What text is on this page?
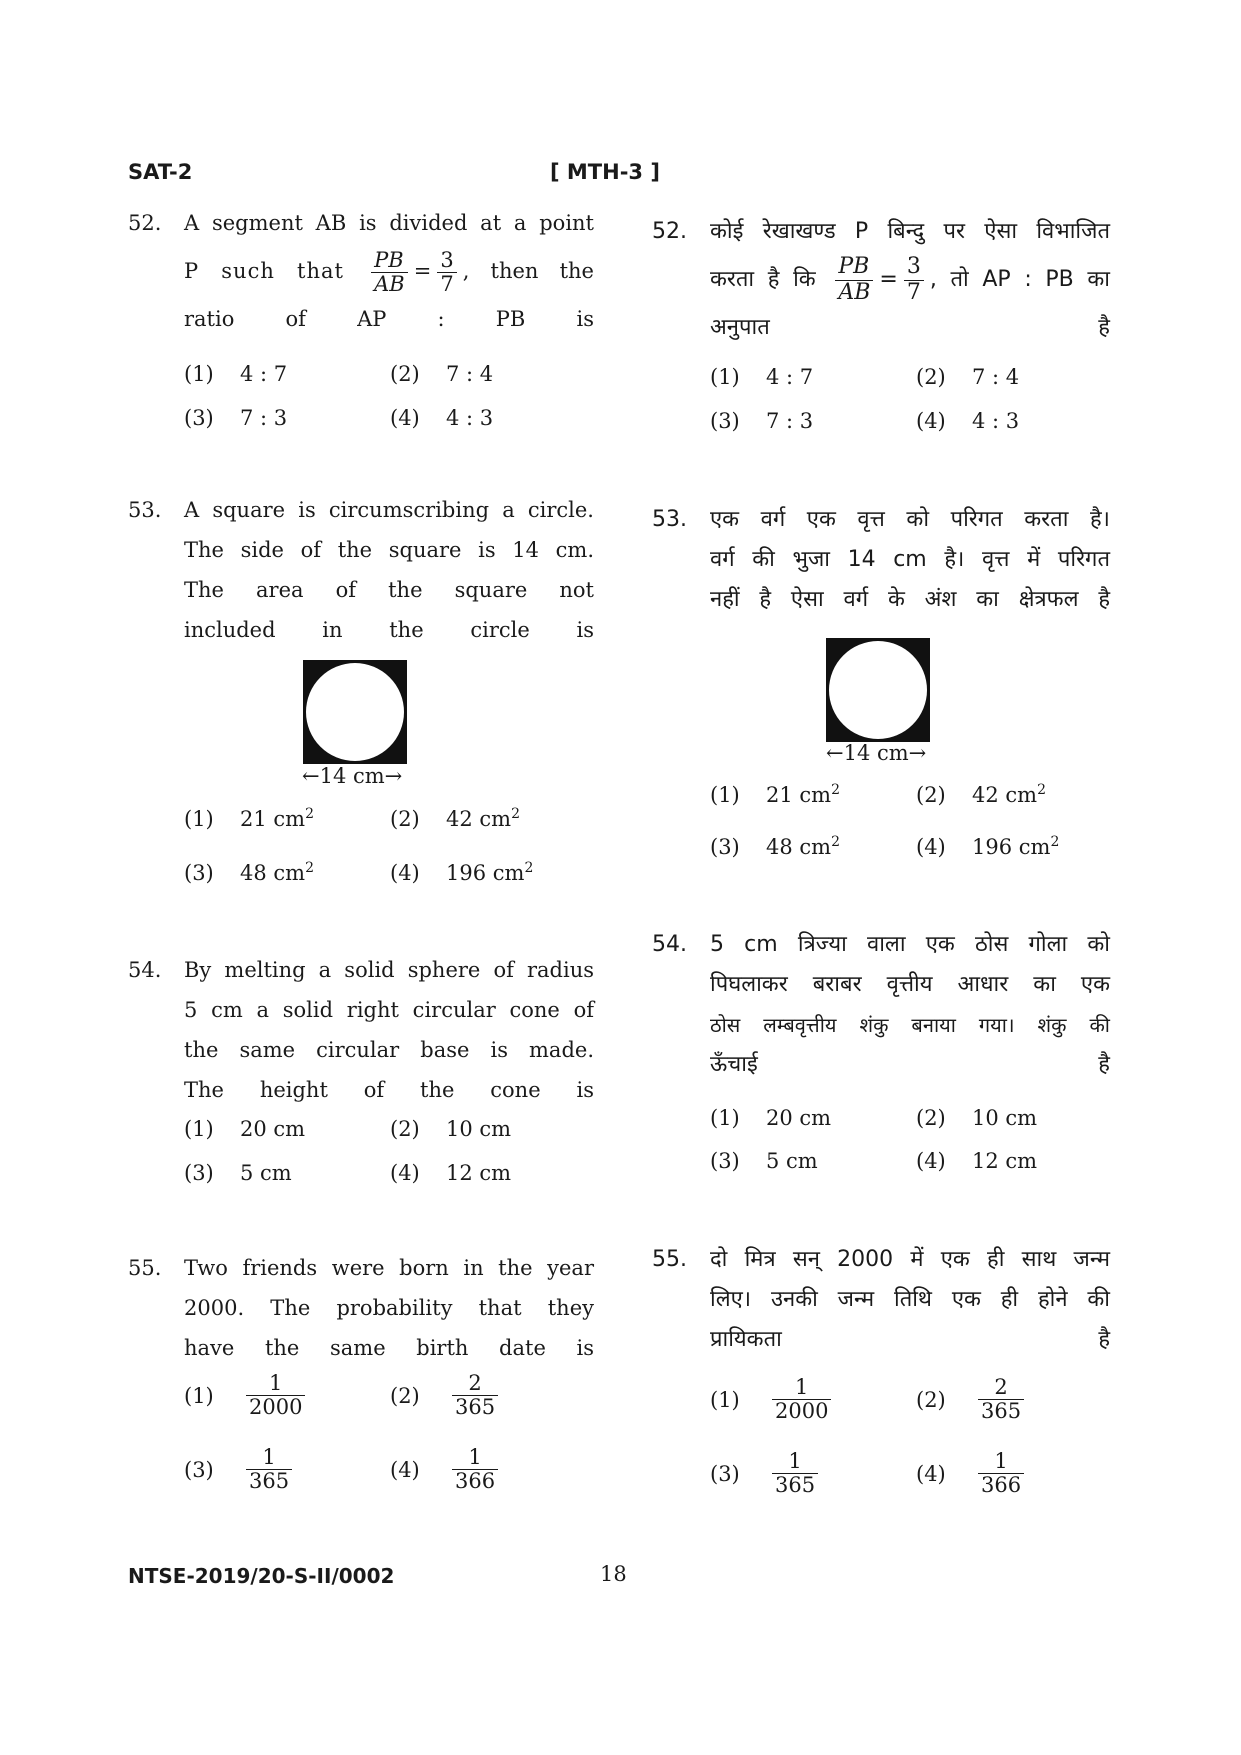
SAT-2	[ MTH-3 ]
52. A segment AB is divided at a point
P such that $\frac{PB}{AB} = \frac{3}{7}$ , then the
ratio of AP : PB is
(1) 4 : 7	(2) 7 : 4
(3) 7 : 3	(4) 4 : 3
53. A square is circumscribing a circle.
The side of the square is 14 cm.
The area of the square not
included in the circle is
←14 cm→
(1) 21 $cm^2$	(2) 42 $cm^2$
(3) 48 $cm^2$	(4) 196 $cm^2$
54. By melting a solid sphere of radius
5 cm a solid right circular cone of
the same circular base is made.
The height of the cone is
(1) 20 cm	(2) 10 cm
(3) 5 cm	(4) 12 cm
55. Two friends were born in the year
2000. The probability that they
have the same birth date is
$(1) \frac{1}{2000}$	$(2) \frac{2}{365}$
$(3) \frac{1}{365}$	$(4) \frac{1}{366}$
52. कोई रेखाखण्ड P बिन्दु पर ऐसा विभाजित
करता है कि $\frac{PB}{AB} = \frac{3}{7}$ , तो AP : PB का
अनुपात है
(1) 4 : 7	(2) 7 : 4
(3) 7 : 3	(4) 4 : 3
53. एक वर्ग एक वृत्त को परिगत करता है।
वर्ग की भुजा 14 cm है। वृत्त में परिगत
नहीं है ऐसा वर्ग के अंश का क्षेत्रफल है
←14 cm→
(1) 21 $cm^2$	(2) 42 $cm^2$
(3) 48 $cm^2$	(4) 196 $cm^2$
54. 5 cm त्रिज्या वाला एक ठोस गोला को
पिघलाकर बराबर वृत्तीय आधार का एक
ठोस लम्बवृत्तीय शंकु बनाया गया। शंकु की
ऊँचाई है
(1) 20 cm	(2) 10 cm
(3) 5 cm	(4) 12 cm
55. दो मित्र सन् 2000 में एक ही साथ जन्म
लिए। उनकी जन्म तिथि एक ही होने की
प्रायिकता है
$(1) \frac{1}{2000}$	$(2) \frac{2}{365}$
$(3) \frac{1}{365}$	$(4) \frac{1}{366}$
NTSE-2019/20-S-II/0002	18
